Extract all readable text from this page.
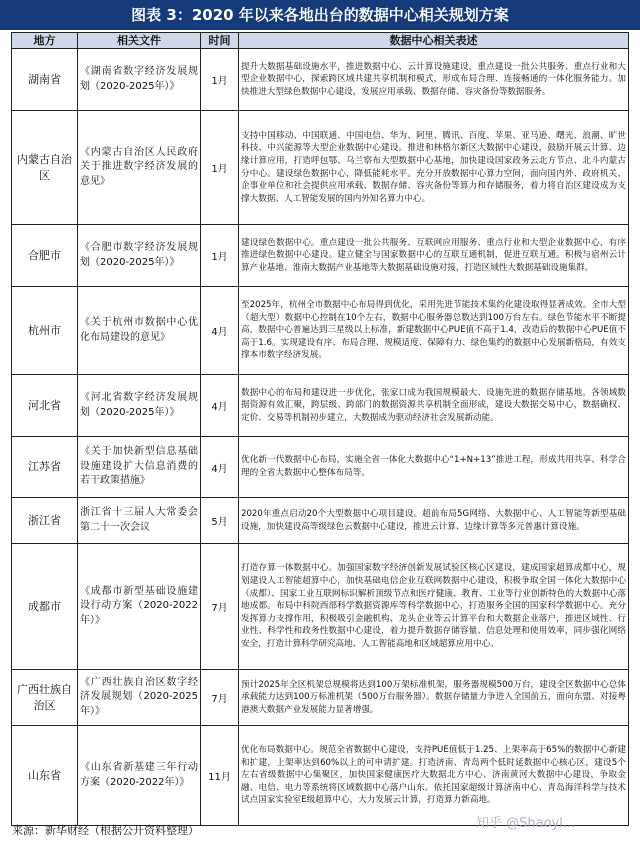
图表 3：2020 年以来各地出台的数据中心相关规划方案
地方	相关文件	时间	数据中心相关表述
湖南省	《湖南省数字经济发展规划（2020-2025年）》	1月	提升大数据基础设施水平，推进数据中心、云计算设施建设，重点建设一批公共服务、重点行业和大型企业数据中心，探索跨区域共建共享机制和模式，形成布局合理、连接畅通的一体化服务能力。加快推进大型绿色数据中心建设，发展应用承载、数据存储、容灾备份等数据服务。
内蒙古自治区	《内蒙古自治区人民政府关于推进数字经济发展的意见》	1月	支持中国移动、中国联通、中国电信、华为、阿里、腾讯、百度、苹果、亚马逊、曙光、浪潮、旷世科技、中兴能源等大型企业数据中心建设。推进和林格尔新区大数据中心建设，鼓励开展云计算、边缘计算应用，打造呼包鄂、乌兰察布大型数据中心基地，加快建设国家政务云北方节点、北斗内蒙古分中心。建设绿色数据中心，降低能耗水平。充分开放数据中心算力空间，面向国内外、政府机关、企事业单位和社会提供应用承载、数据存储、容灾备份等算力和存储服务，着力将自治区建设成为支撑大数据、人工智能发展的国内外知名算力中心。
合肥市	《合肥市数字经济发展规划（2020-2025年）》	1月	建设绿色数据中心。重点建设一批公共服务、互联网应用服务、重点行业和大型企业数据中心，有序推进绿色数据中心建设。建立健全与国家数据中心的互联互通机制，促进互联互通。积极与宿州云计算产业基地、淮南大数据产业基地等大数据基础设施对接，打造区域性大数据基础设施集群。
杭州市	《关于杭州市数据中心优化布局建设的意见》	4月	至2025年，杭州全市数据中心布局得到优化，采用先进节能技术集约化建设取得显著成效。全市大型（超大型）数据中心控制在10个左右，数据中心服务器总数达到100万台左右。绿色节能水平不断提高，数据中心普遍达到三星级以上标准，新建数据中心PUE值不高于1.4，改造后的数据中心PUE值不高于1.6。实现建设有序、布局合理、规模适度、保障有力、绿色集约的数据中心发展新格局，有效支撑本市数字经济发展。
河北省	《河北省数字经济发展规划（2020-2025年）》	4月	数据中心的布局和建设进一步优化，张家口成为我国规模最大、设施先进的数据存储基地。各领域数据资源有效汇聚，跨层级、跨部门的数据资源共享机制全面形成，建设大数据交易中心，数据确权、定价、交易等机制初步建立，大数据成为驱动经济社会发展新动能。
江苏省	《关于加快新型信息基础设施建设扩大信息消费的若干政策措施》	4月	优化新一代数据中心布局，实施全省一体化大数据中心“1+N+13”推进工程，形成共用共享、科学合理的全省大数据中心整体布局等。
浙江省	浙江省十三届人大常委会第二十一次会议	5月	2020年重点启动20个大型数据中心项目建设。超前布局5G网络、大数据中心、人工智能等新型基础设施，加快建设高等级绿色云数据中心建设，推进云计算、边缘计算等多元普惠计算设施。
成都市	《成都市新型基础设施建设行动方案（2020-2022年）》	7月	打造存算一体数据中心。加强国家数字经济创新发展试验区核心区建设，建成国家超算成都中心，规划建设人工智能超算中心，加快基础电信企业互联网数据中心建设，积极争取全国一体化大数据中心（成都）、国家工业互联网标识解析顶级节点和医疗健康、教育、工业等行业创新特色的大数据中心落地成都。布局中科院西部科学数据资源库等科学数据中心，打造服务全国的国家科学数据中心。充分发挥算力支撑作用，积极吸引金融机构、龙头企业等云计算平台和大数据企业落户，推进区域性、行业性、科学性和政务性数据中心建设，着力提升数据存储容量、信息处理和使用效率，同步强化网络安全，打造计算科学研究高地、人工智能高地和区域超算应用中心。
广西壮族自治区	《广西壮族自治区数字经济发展规划（2020-2025年）》	7月	预计2025年全区机架总规模将达到100万架标准机架，服务器规模500万台，建设全区数据中心总体承载能力达到100万标准机架（500万台服务器）。数据存储量力争进入全国前五，面向东盟、对接粤港澳大数据产业发展能力显著增强。
山东省	《山东省新基建三年行动方案（2020-2022年）》	11月	优化布局数据中心。规范全省数据中心建设，支持PUE值低于1.25、上架率高于65%的数据中心新建和扩建，上架率达到60%以上的可申请扩建。打造济南、青岛两个低时延数据中心核心区，建设5个左右省级数据中心集聚区，加快国家健康医疗大数据北方中心、济南黄河大数据中心建设，争取金融、电信、电力等系统将区域数据中心落户山东。依托国家超级计算济南中心、青岛海洋科学与技术试点国家实验室E级超算中心，大力发展云计算，打造算力新高地。
来源：新华财经（根据公开资料整理）	知乎 @Shaoyl...
